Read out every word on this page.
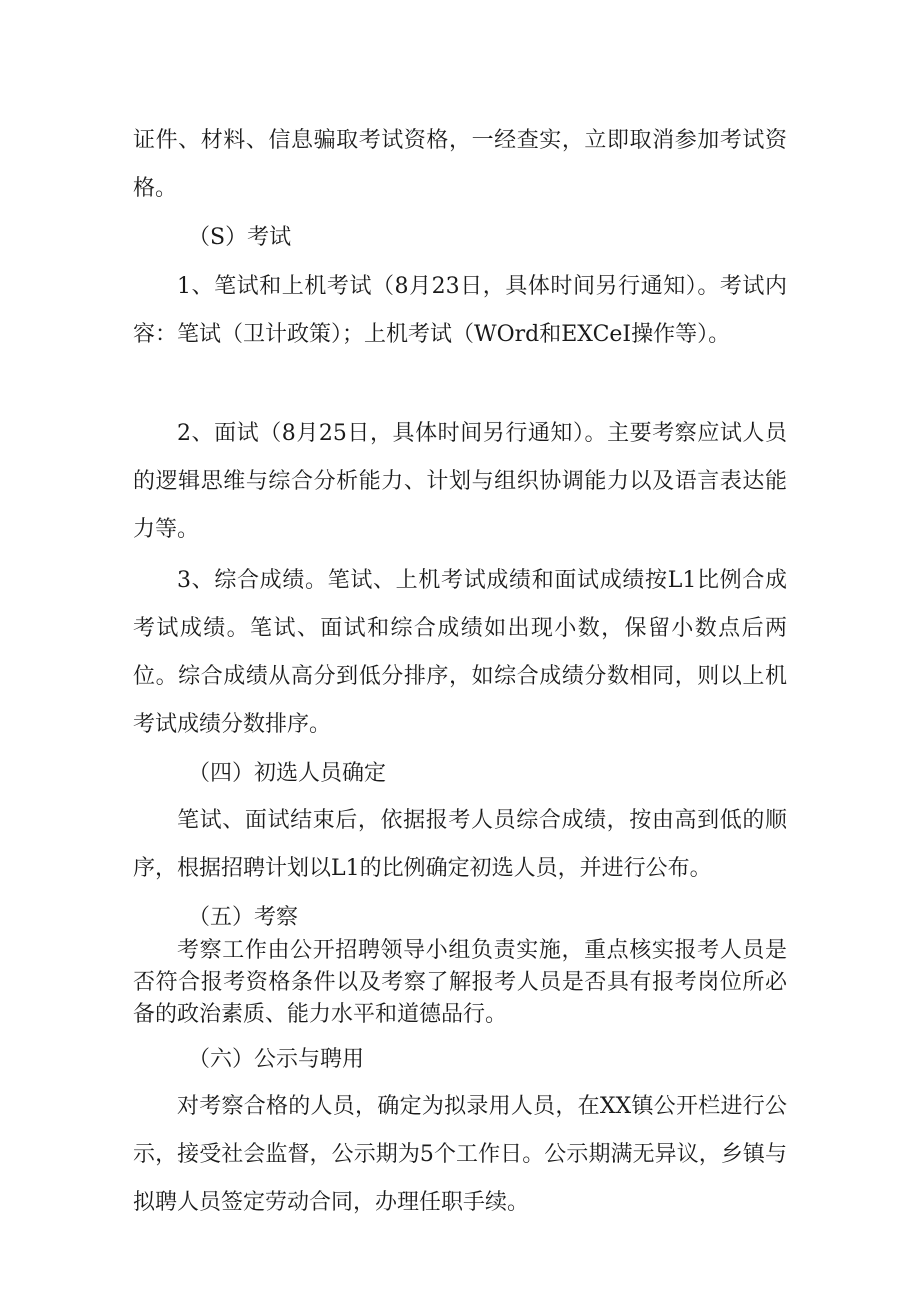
证件、材料、信息骗取考试资格，一经查实，立即取消参加考试资格。

（S）考试

1、笔试和上机考试（8月23日，具体时间另行通知）。考试内容：笔试（卫计政策）；上机考试（WOrd和EXCeI操作等）。

2、面试（8月25日，具体时间另行通知）。主要考察应试人员的逻辑思维与综合分析能力、计划与组织协调能力以及语言表达能力等。

3、综合成绩。笔试、上机考试成绩和面试成绩按L1比例合成考试成绩。笔试、面试和综合成绩如出现小数，保留小数点后两位。综合成绩从高分到低分排序，如综合成绩分数相同，则以上机考试成绩分数排序。

（四）初选人员确定

笔试、面试结束后，依据报考人员综合成绩，按由高到低的顺序，根据招聘计划以L1的比例确定初选人员，并进行公布。

（五）考察

考察工作由公开招聘领导小组负责实施，重点核实报考人员是否符合报考资格条件以及考察了解报考人员是否具有报考岗位所必备的政治素质、能力水平和道德品行。

（六）公示与聘用

对考察合格的人员，确定为拟录用人员，在XX镇公开栏进行公示，接受社会监督，公示期为5个工作日。公示期满无异议，乡镇与拟聘人员签定劳动合同，办理任职手续。
